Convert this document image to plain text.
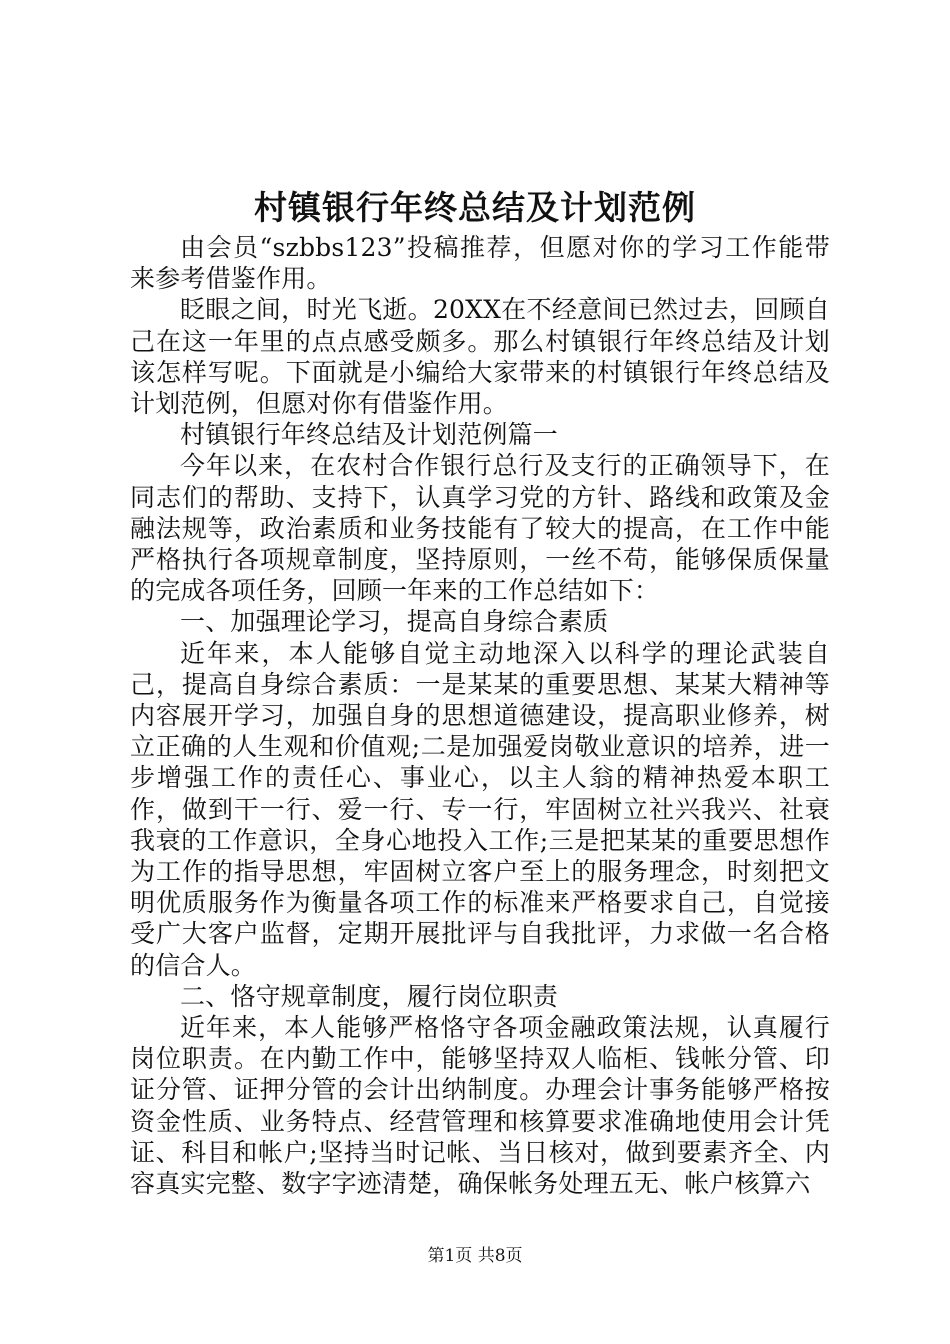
村镇银行年终总结及计划范例

由会员“szbbs123”投稿推荐，但愿对你的学习工作能带来参考借鉴作用。

眨眼之间，时光飞逝。20XX在不经意间已然过去，回顾自己在这一年里的点点感受颇多。那么村镇银行年终总结及计划该怎样写呢。下面就是小编给大家带来的村镇银行年终总结及计划范例，但愿对你有借鉴作用。

村镇银行年终总结及计划范例篇一

今年以来，在农村合作银行总行及支行的正确领导下，在同志们的帮助、支持下，认真学习党的方针、路线和政策及金融法规等，政治素质和业务技能有了较大的提高，在工作中能严格执行各项规章制度，坚持原则，一丝不苟，能够保质保量的完成各项任务，回顾一年来的工作总结如下：

一、加强理论学习，提高自身综合素质

近年来，本人能够自觉主动地深入以科学的理论武装自己，提高自身综合素质：一是某某的重要思想、某某大精神等内容展开学习，加强自身的思想道德建设，提高职业修养，树立正确的人生观和价值观;二是加强爱岗敬业意识的培养，进一步增强工作的责任心、事业心，以主人翁的精神热爱本职工作，做到干一行、爱一行、专一行，牢固树立社兴我兴、社衰我衰的工作意识，全身心地投入工作;三是把某某的重要思想作为工作的指导思想，牢固树立客户至上的服务理念，时刻把文明优质服务作为衡量各项工作的标准来严格要求自己，自觉接受广大客户监督，定期开展批评与自我批评，力求做一名合格的信合人。

二、恪守规章制度，履行岗位职责

近年来，本人能够严格恪守各项金融政策法规，认真履行岗位职责。在内勤工作中，能够坚持双人临柜、钱帐分管、印证分管、证押分管的会计出纳制度。办理会计事务能够严格按资金性质、业务特点、经营管理和核算要求准确地使用会计凭证、科目和帐户;坚持当时记帐、当日核对，做到要素齐全、内容真实完整、数字字迹清楚，确保帐务处理五无、帐户核算六

第1页 共8页
